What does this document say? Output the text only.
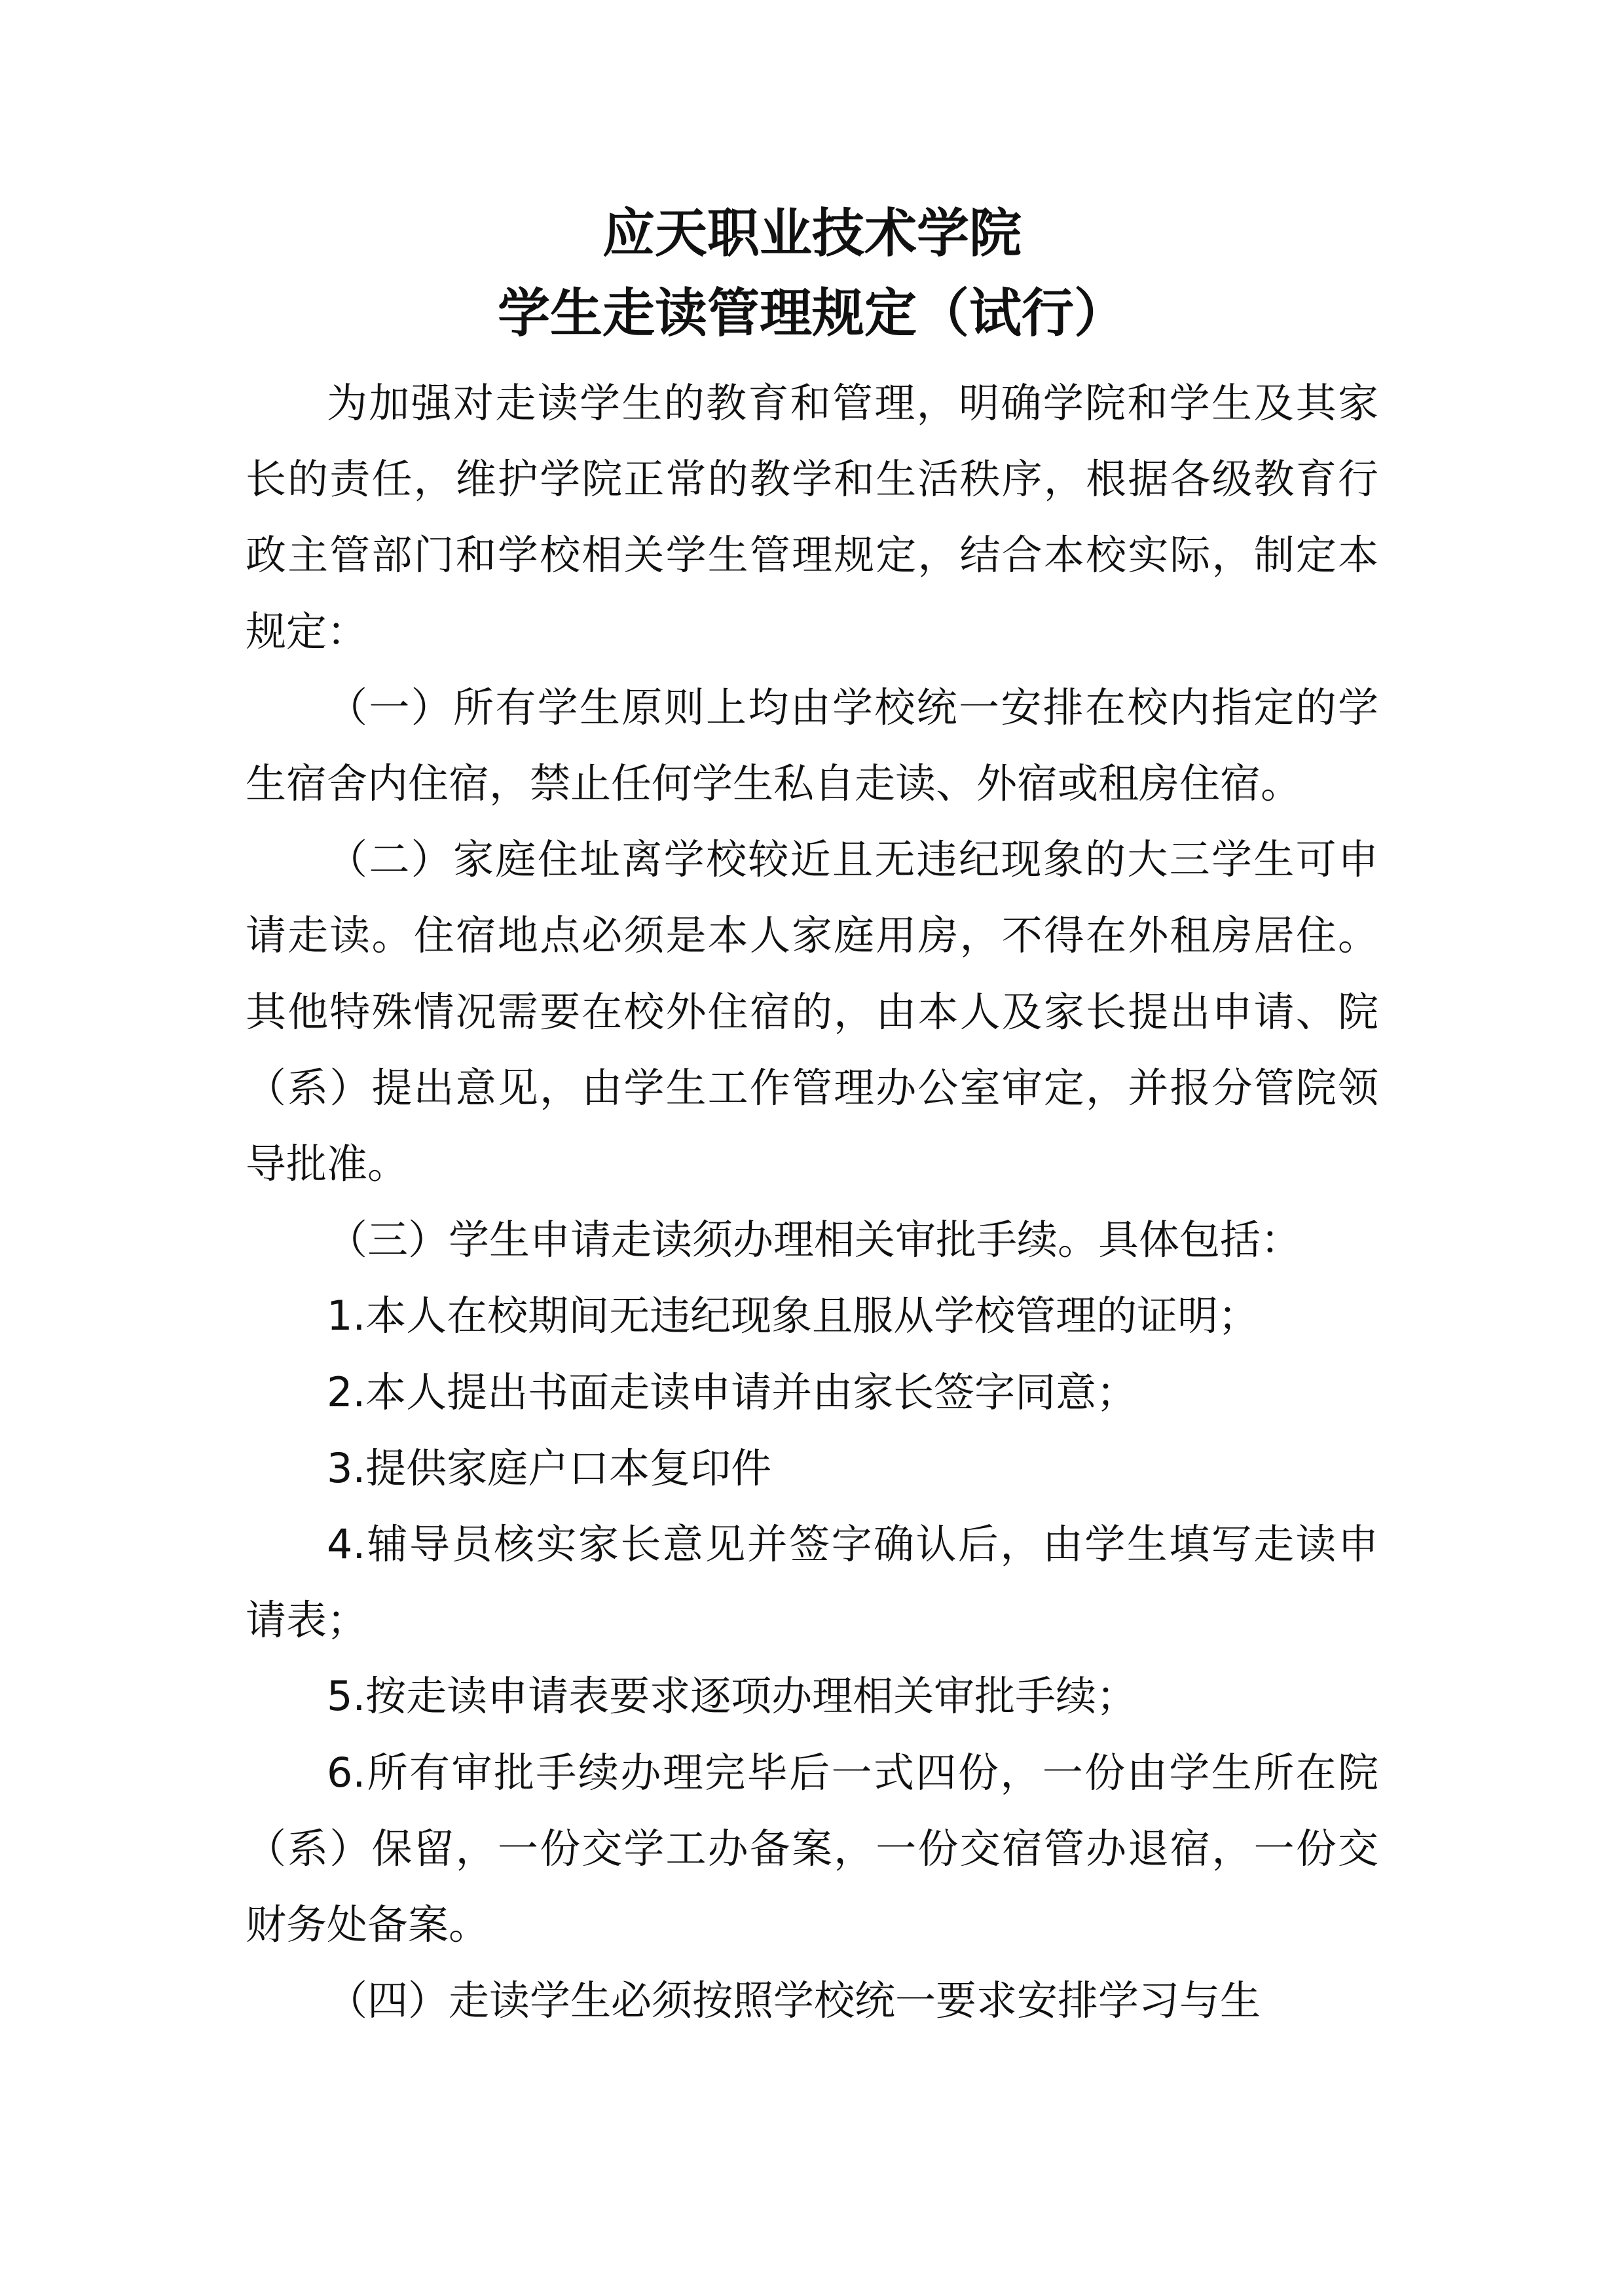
应天职业技术学院
学生走读管理规定（试行）

为加强对走读学生的教育和管理，明确学院和学生及其家长的责任，维护学院正常的教学和生活秩序，根据各级教育行政主管部门和学校相关学生管理规定，结合本校实际，制定本规定：

（一）所有学生原则上均由学校统一安排在校内指定的学生宿舍内住宿，禁止任何学生私自走读、外宿或租房住宿。

（二）家庭住址离学校较近且无违纪现象的大三学生可申请走读。住宿地点必须是本人家庭用房，不得在外租房居住。其他特殊情况需要在校外住宿的，由本人及家长提出申请、院（系）提出意见，由学生工作管理办公室审定，并报分管院领导批准。

（三）学生申请走读须办理相关审批手续。具体包括：

1.本人在校期间无违纪现象且服从学校管理的证明；

2.本人提出书面走读申请并由家长签字同意；

3.提供家庭户口本复印件

4.辅导员核实家长意见并签字确认后，由学生填写走读申请表；

5.按走读申请表要求逐项办理相关审批手续；

6.所有审批手续办理完毕后一式四份，一份由学生所在院（系）保留，一份交学工办备案，一份交宿管办退宿，一份交财务处备案。

（四）走读学生必须按照学校统一要求安排学习与生
